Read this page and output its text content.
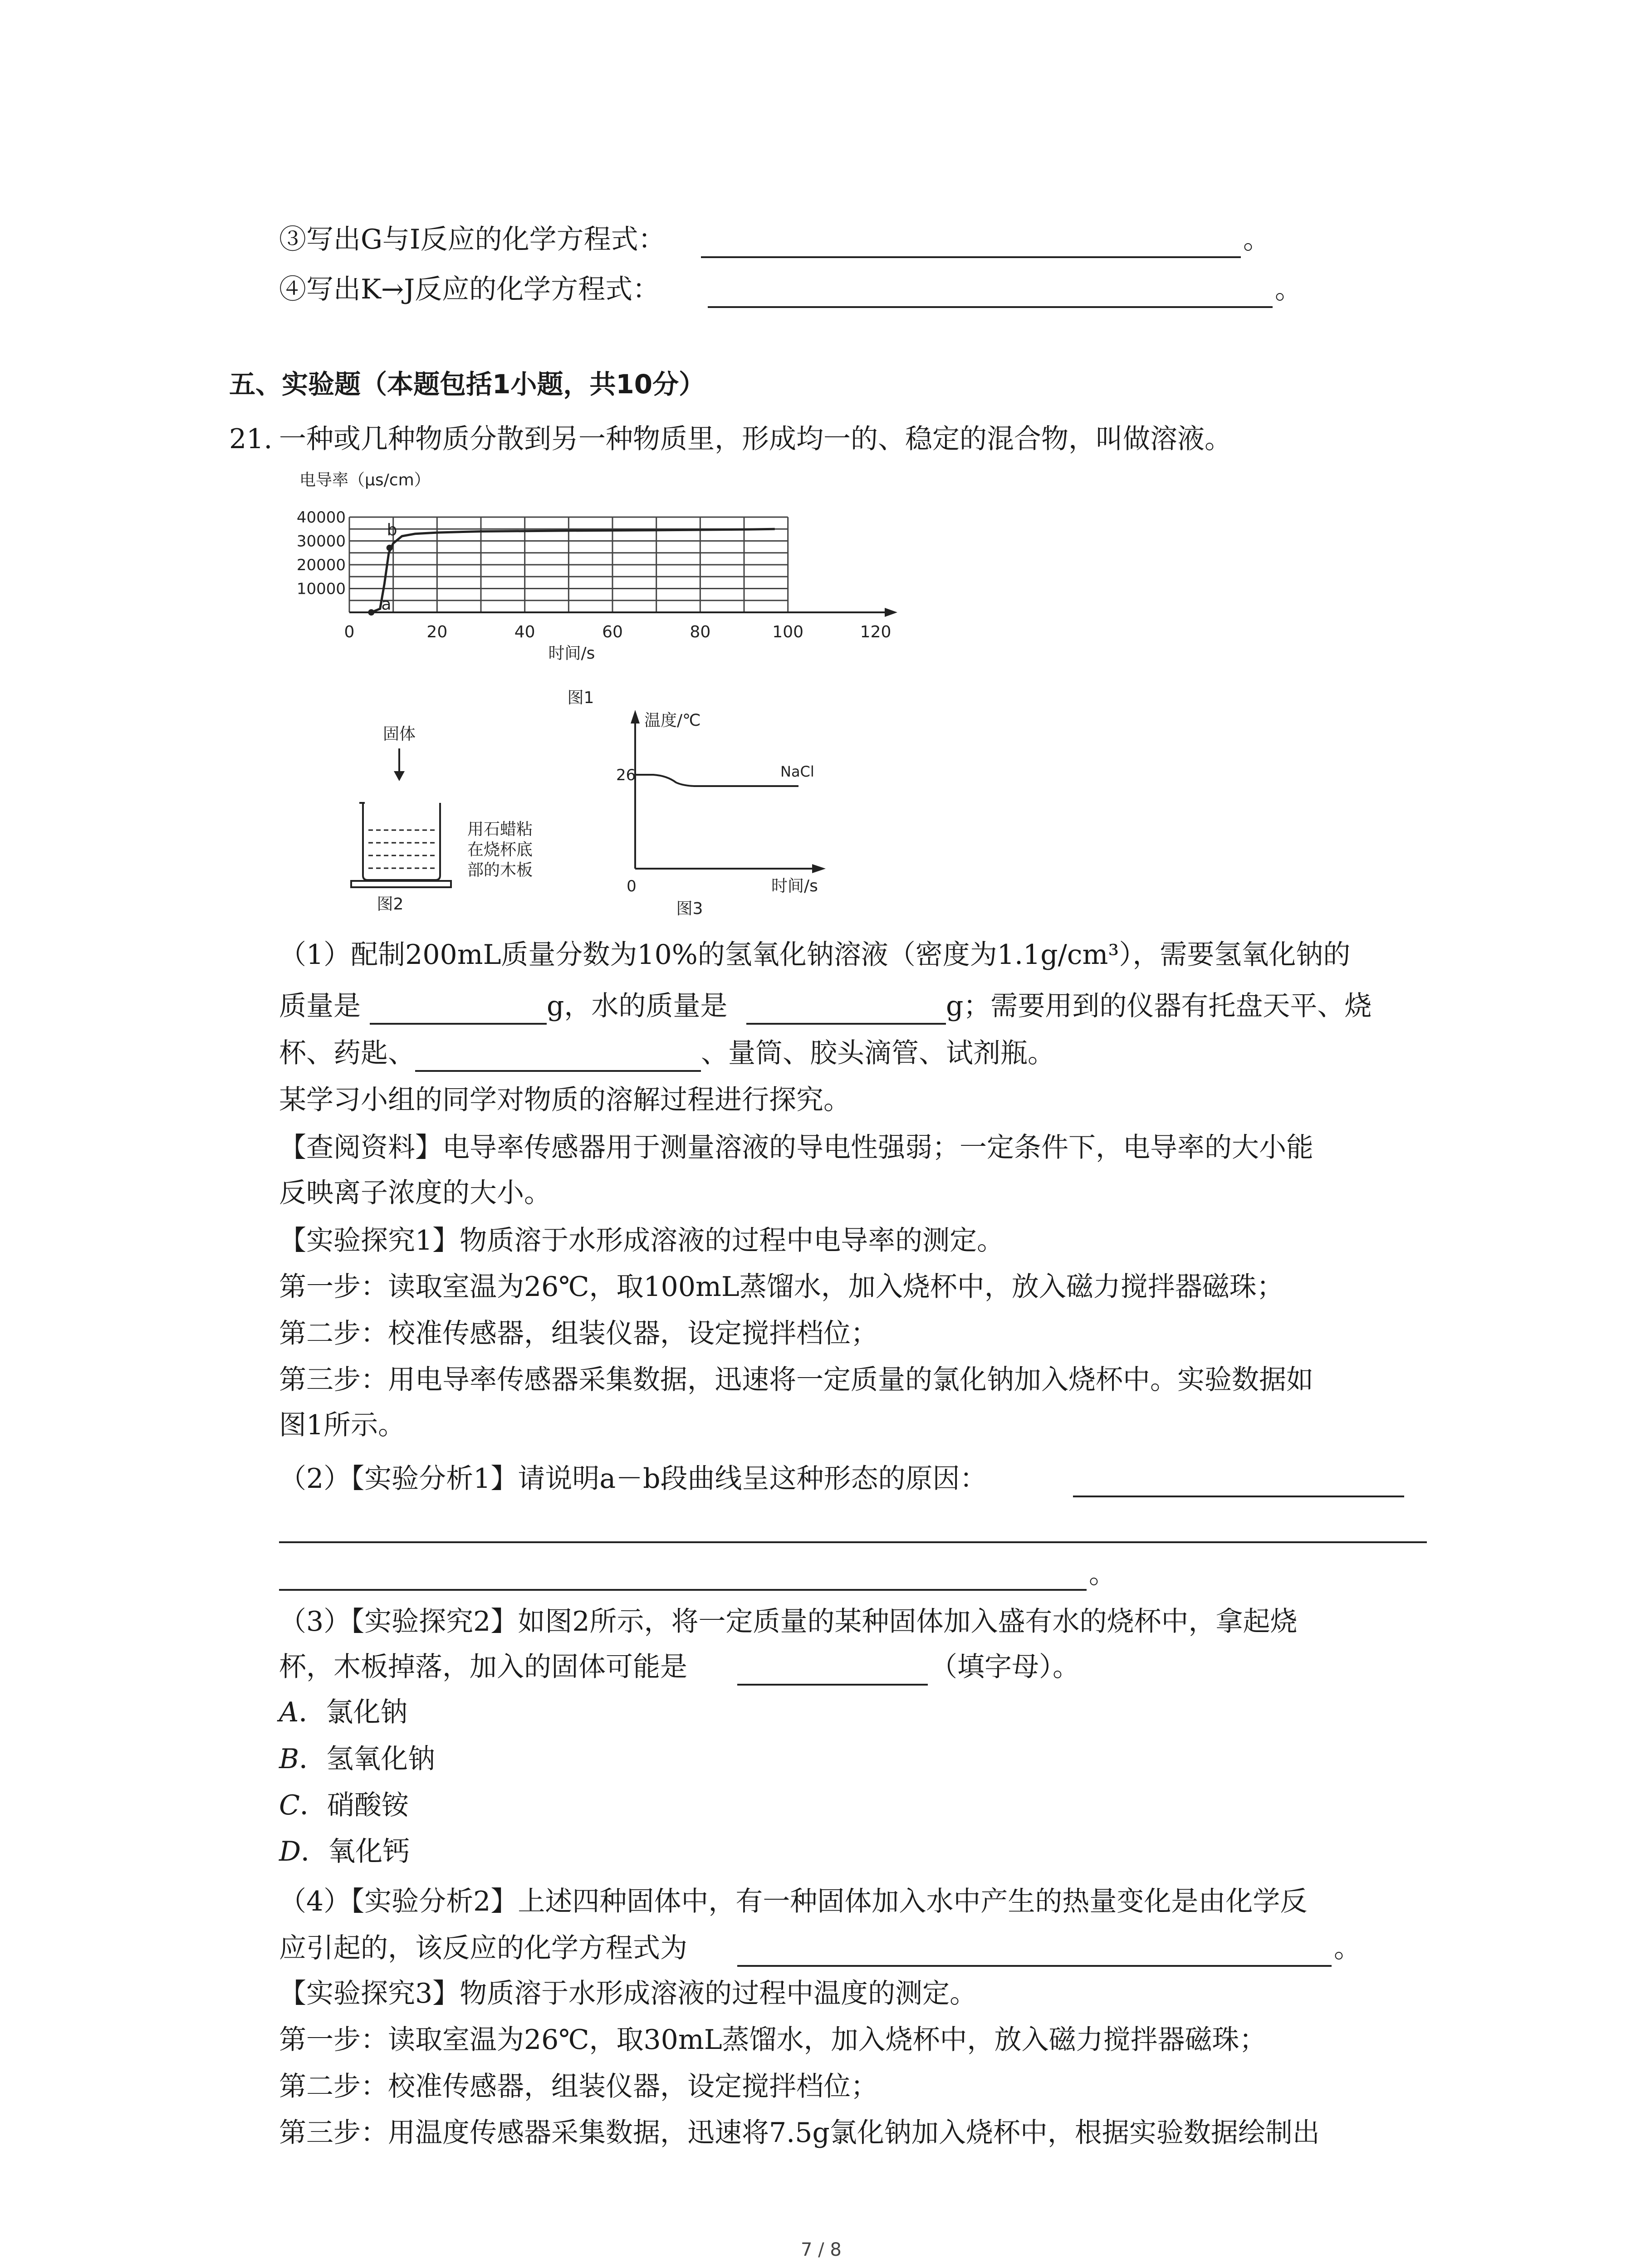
③写出G与I反应的化学方程式：	。
④写出K→J反应的化学方程式：	。
五、实验题（本题包括1小题，共10分）
21. 一种或几种物质分散到另一种物质里，形成均一的、稳定的混合物，叫做溶液。
电导率（μs/cm）
0	20	40	60	80	100	120
10000
20000
30000
40000
a
b
时间/s
图1
固体
用石蜡粘
在烧杯底
部的木板
图2
温度/℃
26	NaCl
0	时间/s
图3
（1）配制200mL质量分数为10%的氢氧化钠溶液（密度为1.1g/cm³），需要氢氧化钠的
质量是	g，水的质量是	g；需要用到的仪器有托盘天平、烧
杯、药匙、	、量筒、胶头滴管、试剂瓶。
某学习小组的同学对物质的溶解过程进行探究。
【查阅资料】电导率传感器用于测量溶液的导电性强弱；一定条件下，电导率的大小能
反映离子浓度的大小。
【实验探究1】物质溶于水形成溶液的过程中电导率的测定。
第一步：读取室温为26℃，取100mL蒸馏水，加入烧杯中，放入磁力搅拌器磁珠；
第二步：校准传感器，组装仪器，设定搅拌档位；
第三步：用电导率传感器采集数据，迅速将一定质量的氯化钠加入烧杯中。实验数据如
图1所示。
（2）【实验分析1】请说明a－b段曲线呈这种形态的原因：
。
（3）【实验探究2】如图2所示，将一定质量的某种固体加入盛有水的烧杯中，拿起烧
杯，木板掉落，加入的固体可能是	（填字母）。
A．氯化钠
B．氢氧化钠
C．硝酸铵
D．氧化钙
（4）【实验分析2】上述四种固体中，有一种固体加入水中产生的热量变化是由化学反
应引起的，该反应的化学方程式为	。
【实验探究3】物质溶于水形成溶液的过程中温度的测定。
第一步：读取室温为26℃，取30mL蒸馏水，加入烧杯中，放入磁力搅拌器磁珠；
第二步：校准传感器，组装仪器，设定搅拌档位；
第三步：用温度传感器采集数据，迅速将7.5g氯化钠加入烧杯中，根据实验数据绘制出
7 / 8
